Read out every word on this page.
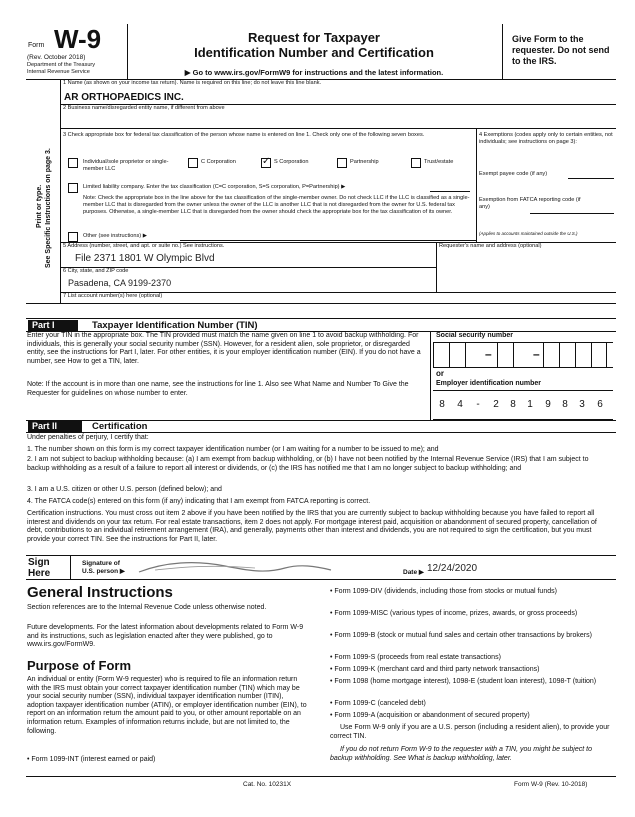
Form W-9
(Rev. October 2018)
Department of the Treasury
Internal Revenue Service
Request for Taxpayer
Identification Number and Certification
▶ Go to www.irs.gov/FormW9 for instructions and the latest information.
Give Form to the requester. Do not send to the IRS.
Print or type. See Specific Instructions on page 3.
1 Name (as shown on your income tax return). Name is required on this line; do not leave this line blank.
AR ORTHOPAEDICS INC.
2 Business name/disregarded entity name, if different from above
3 Check appropriate box for federal tax classification of the person whose name is entered on line 1. Check only one of the following seven boxes.
Individual/sole proprietor or single-member LLC
C Corporation
✓	S Corporation	Partnership	Trust/estate
Limited liability company. Enter the tax classification (C=C corporation, S=S corporation, P=Partnership) ▶
Note: Check the appropriate box in the line above for the tax classification of the single-member owner. Do not check LLC if the LLC is classified as a single-member LLC that is disregarded from the owner unless the owner of the LLC is another LLC that is not disregarded from the owner for U.S. federal tax purposes. Otherwise, a single-member LLC that is disregarded from the owner should check the appropriate box for the tax classification of its owner.
Other (see instructions) ▶
4 Exemptions (codes apply only to certain entities, not individuals; see instructions on page 3):
Exempt payee code (if any)
Exemption from FATCA reporting code (if any)
(Applies to accounts maintained outside the U.S.)
5 Address (number, street, and apt. or suite no.) See instructions.
File 2371 1801 W Olympic Blvd
Requester's name and address (optional)
6 City, state, and ZIP code
Pasadena, CA 9199-2370
7 List account number(s) here (optional)
Part I	Taxpayer Identification Number (TIN)
Enter your TIN in the appropriate box. The TIN provided must match the name given on line 1 to avoid backup withholding. For individuals, this is generally your social security number (SSN). However, for a resident alien, sole proprietor, or disregarded entity, see the instructions for Part I, later. For other entities, it is your employer identification number (EIN). If you do not have a number, see How to get a TIN, later.
Note: If the account is in more than one name, see the instructions for line 1. Also see What Name and Number To Give the Requester for guidelines on whose number to enter.
Social security number
–	–
or
Employer identification number
8	4	-	2	8	1	9	8	3	6
Part II	Certification
Under penalties of perjury, I certify that:
1. The number shown on this form is my correct taxpayer identification number (or I am waiting for a number to be issued to me); and
2. I am not subject to backup withholding because: (a) I am exempt from backup withholding, or (b) I have not been notified by the Internal Revenue Service (IRS) that I am subject to backup withholding as a result of a failure to report all interest or dividends, or (c) the IRS has notified me that I am no longer subject to backup withholding; and
3. I am a U.S. citizen or other U.S. person (defined below); and
4. The FATCA code(s) entered on this form (if any) indicating that I am exempt from FATCA reporting is correct.
Certification instructions. You must cross out item 2 above if you have been notified by the IRS that you are currently subject to backup withholding because you have failed to report all interest and dividends on your tax return. For real estate transactions, item 2 does not apply. For mortgage interest paid, acquisition or abandonment of secured property, cancellation of debt, contributions to an individual retirement arrangement (IRA), and generally, payments other than interest and dividends, you are not required to sign the certification, but you must provide your correct TIN. See the instructions for Part II, later.
Sign Here
Signature of U.S. person ▶	Date ▶ 12/24/2020
General Instructions
Section references are to the Internal Revenue Code unless otherwise noted.
Future developments. For the latest information about developments related to Form W-9 and its instructions, such as legislation enacted after they were published, go to www.irs.gov/FormW9.
Purpose of Form
An individual or entity (Form W-9 requester) who is required to file an information return with the IRS must obtain your correct taxpayer identification number (TIN) which may be your social security number (SSN), individual taxpayer identification number (ITIN), adoption taxpayer identification number (ATIN), or employer identification number (EIN), to report on an information return the amount paid to you, or other amount reportable on an information return. Examples of information returns include, but are not limited to, the following.
• Form 1099-INT (interest earned or paid)
• Form 1099-DIV (dividends, including those from stocks or mutual funds)
• Form 1099-MISC (various types of income, prizes, awards, or gross proceeds)
• Form 1099-B (stock or mutual fund sales and certain other transactions by brokers)
• Form 1099-S (proceeds from real estate transactions)
• Form 1099-K (merchant card and third party network transactions)
• Form 1098 (home mortgage interest), 1098-E (student loan interest), 1098-T (tuition)
• Form 1099-C (canceled debt)
• Form 1099-A (acquisition or abandonment of secured property)
Use Form W-9 only if you are a U.S. person (including a resident alien), to provide your correct TIN.
If you do not return Form W-9 to the requester with a TIN, you might be subject to backup withholding. See What is backup withholding, later.
Cat. No. 10231X	Form W-9 (Rev. 10-2018)
